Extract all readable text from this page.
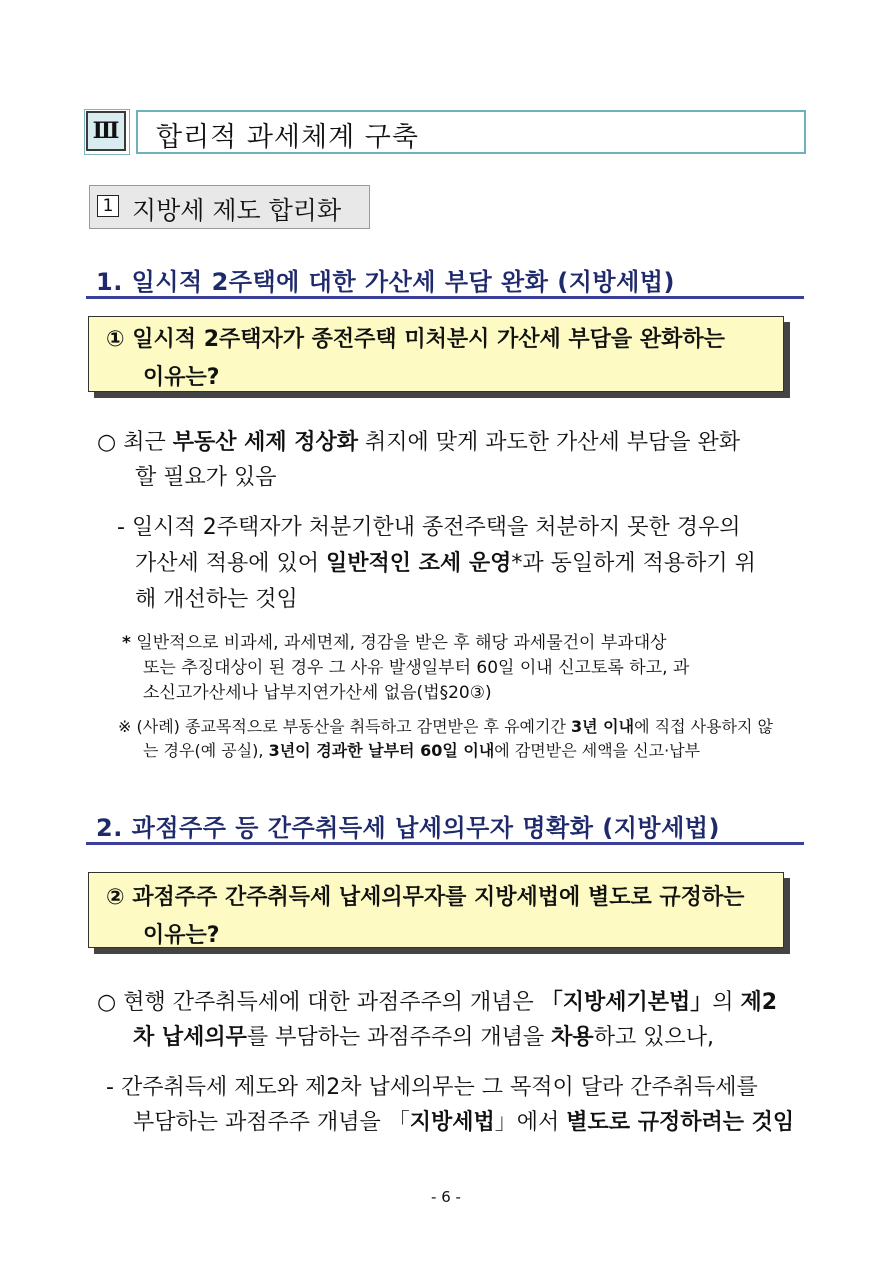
Ⅲ 합리적 과세체계 구축
1 지방세 제도 합리화
1. 일시적 2주택에 대한 가산세 부담 완화 (지방세법)
① 일시적 2주택자가 종전주택 미처분시 가산세 부담을 완화하는
이유는?
○ 최근 부동산 세제 정상화 취지에 맞게 과도한 가산세 부담을 완화
할 필요가 있음
- 일시적 2주택자가 처분기한내 종전주택을 처분하지 못한 경우의
가산세 적용에 있어 일반적인 조세 운영*과 동일하게 적용하기 위
해 개선하는 것임
* 일반적으로 비과세, 과세면제, 경감을 받은 후 해당 과세물건이 부과대상
또는 추징대상이 된 경우 그 사유 발생일부터 60일 이내 신고토록 하고, 과
소신고가산세나 납부지연가산세 없음(법§20③)
※ (사례) 종교목적으로 부동산을 취득하고 감면받은 후 유예기간 3년 이내에 직접 사용하지 않
는 경우(예 공실), 3년이 경과한 날부터 60일 이내에 감면받은 세액을 신고·납부
2. 과점주주 등 간주취득세 납세의무자 명확화 (지방세법)
② 과점주주 간주취득세 납세의무자를 지방세법에 별도로 규정하는
이유는?
○ 현행 간주취득세에 대한 과점주주의 개념은 「지방세기본법」의 제2
차 납세의무를 부담하는 과점주주의 개념을 차용하고 있으나,
- 간주취득세 제도와 제2차 납세의무는 그 목적이 달라 간주취득세를
부담하는 과점주주 개념을 「지방세법」에서 별도로 규정하려는 것임
- 6 -
